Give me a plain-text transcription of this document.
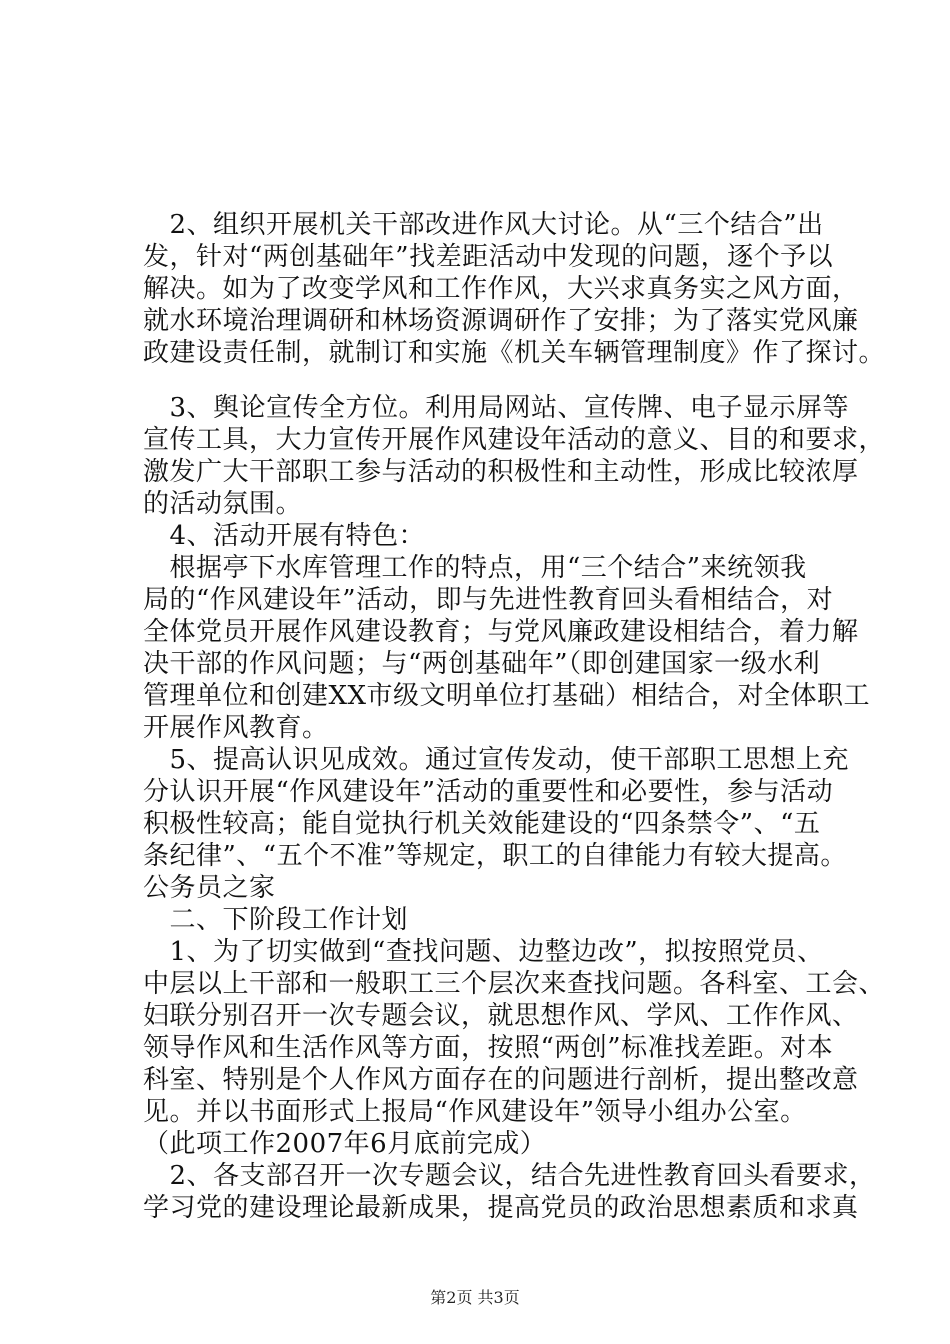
　2、组织开展机关干部改进作风大讨论。从“三个结合”出
发，针对“两创基础年”找差距活动中发现的问题，逐个予以
解决。如为了改变学风和工作作风，大兴求真务实之风方面，
就水环境治理调研和林场资源调研作了安排；为了落实党风廉
政建设责任制，就制订和实施《机关车辆管理制度》作了探讨。
　3、舆论宣传全方位。利用局网站、宣传牌、电子显示屏等
宣传工具，大力宣传开展作风建设年活动的意义、目的和要求，
激发广大干部职工参与活动的积极性和主动性，形成比较浓厚
的活动氛围。
　4、活动开展有特色：
　根据亭下水库管理工作的特点，用“三个结合”来统领我
局的“作风建设年”活动，即与先进性教育回头看相结合，对
全体党员开展作风建设教育；与党风廉政建设相结合，着力解
决干部的作风问题；与“两创基础年”（即创建国家一级水利
管理单位和创建XX市级文明单位打基础）相结合，对全体职工
开展作风教育。
　5、提高认识见成效。通过宣传发动，使干部职工思想上充
分认识开展“作风建设年”活动的重要性和必要性，参与活动
积极性较高；能自觉执行机关效能建设的“四条禁令”、“五
条纪律”、“五个不准”等规定，职工的自律能力有较大提高。
公务员之家
　二、下阶段工作计划
　1、为了切实做到“查找问题、边整边改”，拟按照党员、
中层以上干部和一般职工三个层次来查找问题。各科室、工会、
妇联分别召开一次专题会议，就思想作风、学风、工作作风、
领导作风和生活作风等方面，按照“两创”标准找差距。对本
科室、特别是个人作风方面存在的问题进行剖析，提出整改意
见。并以书面形式上报局“作风建设年”领导小组办公室。
（此项工作2007年6月底前完成）
　2、各支部召开一次专题会议，结合先进性教育回头看要求，
学习党的建设理论最新成果，提高党员的政治思想素质和求真
第2页 共3页
